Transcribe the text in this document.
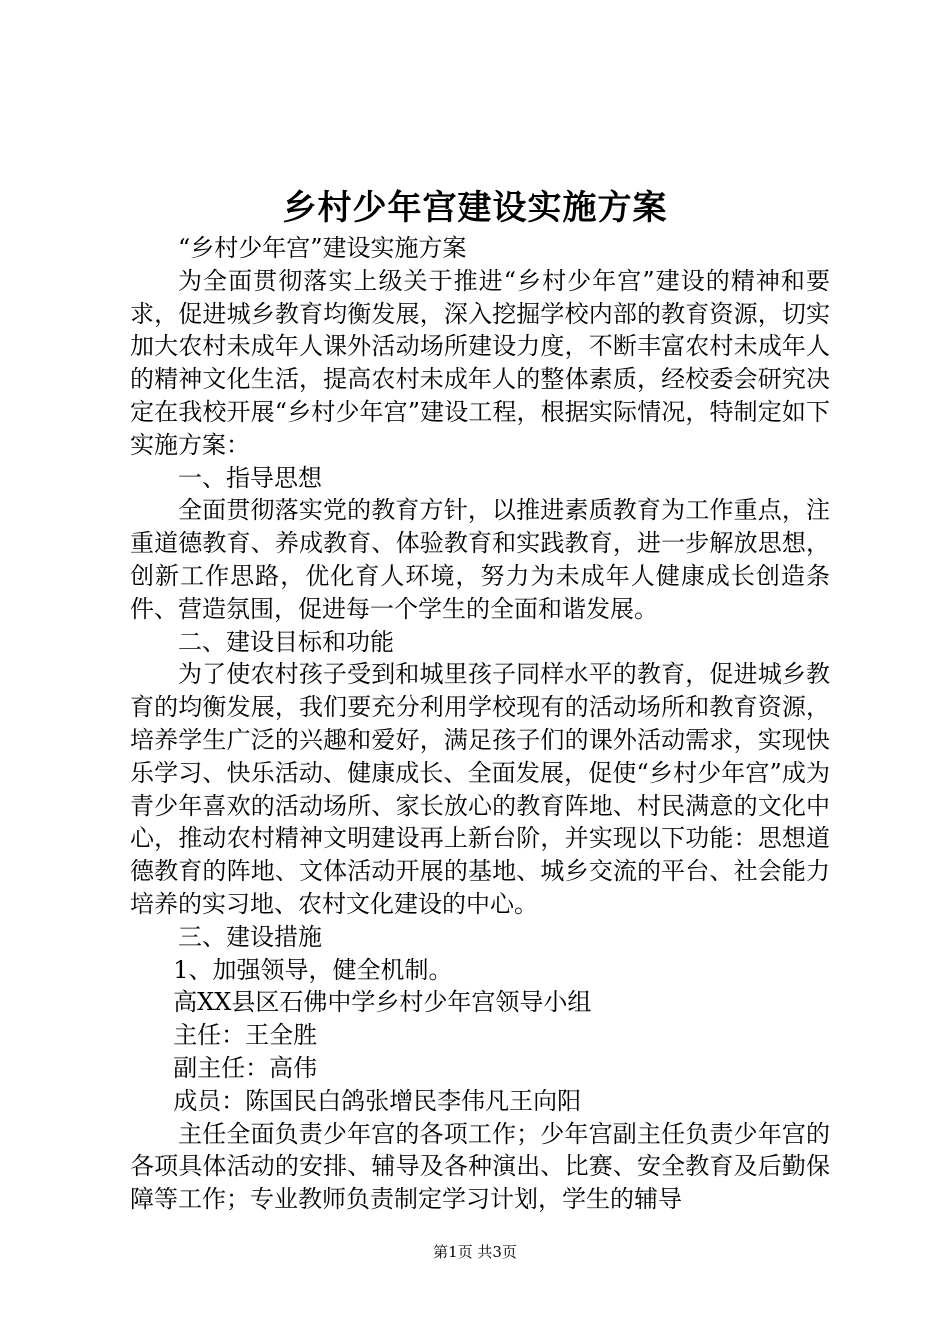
乡村少年宫建设实施方案

“乡村少年宫”建设实施方案

为全面贯彻落实上级关于推进“乡村少年宫”建设的精神和要求，促进城乡教育均衡发展，深入挖掘学校内部的教育资源，切实加大农村未成年人课外活动场所建设力度，不断丰富农村未成年人的精神文化生活，提高农村未成年人的整体素质，经校委会研究决定在我校开展“乡村少年宫”建设工程，根据实际情况，特制定如下实施方案：

一、指导思想

全面贯彻落实党的教育方针，以推进素质教育为工作重点，注重道德教育、养成教育、体验教育和实践教育，进一步解放思想，创新工作思路，优化育人环境，努力为未成年人健康成长创造条件、营造氛围，促进每一个学生的全面和谐发展。

二、建设目标和功能

为了使农村孩子受到和城里孩子同样水平的教育，促进城乡教育的均衡发展，我们要充分利用学校现有的活动场所和教育资源，培养学生广泛的兴趣和爱好，满足孩子们的课外活动需求，实现快乐学习、快乐活动、健康成长、全面发展，促使“乡村少年宫”成为青少年喜欢的活动场所、家长放心的教育阵地、村民满意的文化中心，推动农村精神文明建设再上新台阶，并实现以下功能：思想道德教育的阵地、文体活动开展的基地、城乡交流的平台、社会能力培养的实习地、农村文化建设的中心。

三、建设措施

1、加强领导，健全机制。

高XX县区石佛中学乡村少年宫领导小组

主任：王全胜

副主任：高伟

成员：陈国民白鸽张增民李伟凡王向阳

主任全面负责少年宫的各项工作；少年宫副主任负责少年宫的各项具体活动的安排、辅导及各种演出、比赛、安全教育及后勤保障等工作；专业教师负责制定学习计划，学生的辅导

第1页 共3页
